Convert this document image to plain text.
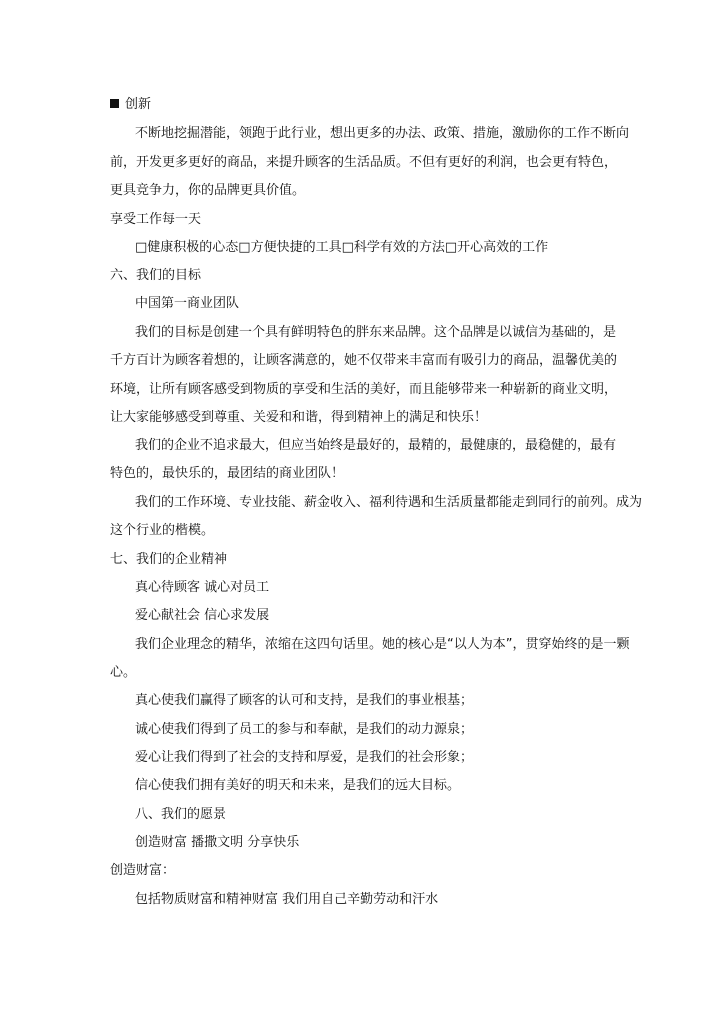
创新
不断地挖掘潜能，领跑于此行业，想出更多的办法、政策、措施，激励你的工作不断向
前，开发更多更好的商品，来提升顾客的生活品质。不但有更好的利润，也会更有特色，
更具竞争力，你的品牌更具价值。
享受工作每一天
□健康积极的心态□方便快捷的工具□科学有效的方法□开心高效的工作
六、我们的目标
中国第一商业团队
我们的目标是创建一个具有鲜明特色的胖东来品牌。这个品牌是以诚信为基础的，是
千方百计为顾客着想的，让顾客满意的，她不仅带来丰富而有吸引力的商品，温馨优美的
环境，让所有顾客感受到物质的享受和生活的美好，而且能够带来一种崭新的商业文明，
让大家能够感受到尊重、关爱和和谐，得到精神上的满足和快乐！
我们的企业不追求最大，但应当始终是最好的，最精的，最健康的，最稳健的，最有
特色的，最快乐的，最团结的商业团队！
我们的工作环境、专业技能、薪金收入、福利待遇和生活质量都能走到同行的前列。成为
这个行业的楷模。
七、我们的企业精神
真心待顾客 诚心对员工
爱心献社会 信心求发展
我们企业理念的精华，浓缩在这四句话里。她的核心是“以人为本”，贯穿始终的是一颗
心。
真心使我们赢得了顾客的认可和支持，是我们的事业根基；
诚心使我们得到了员工的参与和奉献，是我们的动力源泉；
爱心让我们得到了社会的支持和厚爱，是我们的社会形象；
信心使我们拥有美好的明天和未来，是我们的远大目标。
八、我们的愿景
创造财富 播撒文明 分享快乐
创造财富：
包括物质财富和精神财富 我们用自己辛勤劳动和汗水
